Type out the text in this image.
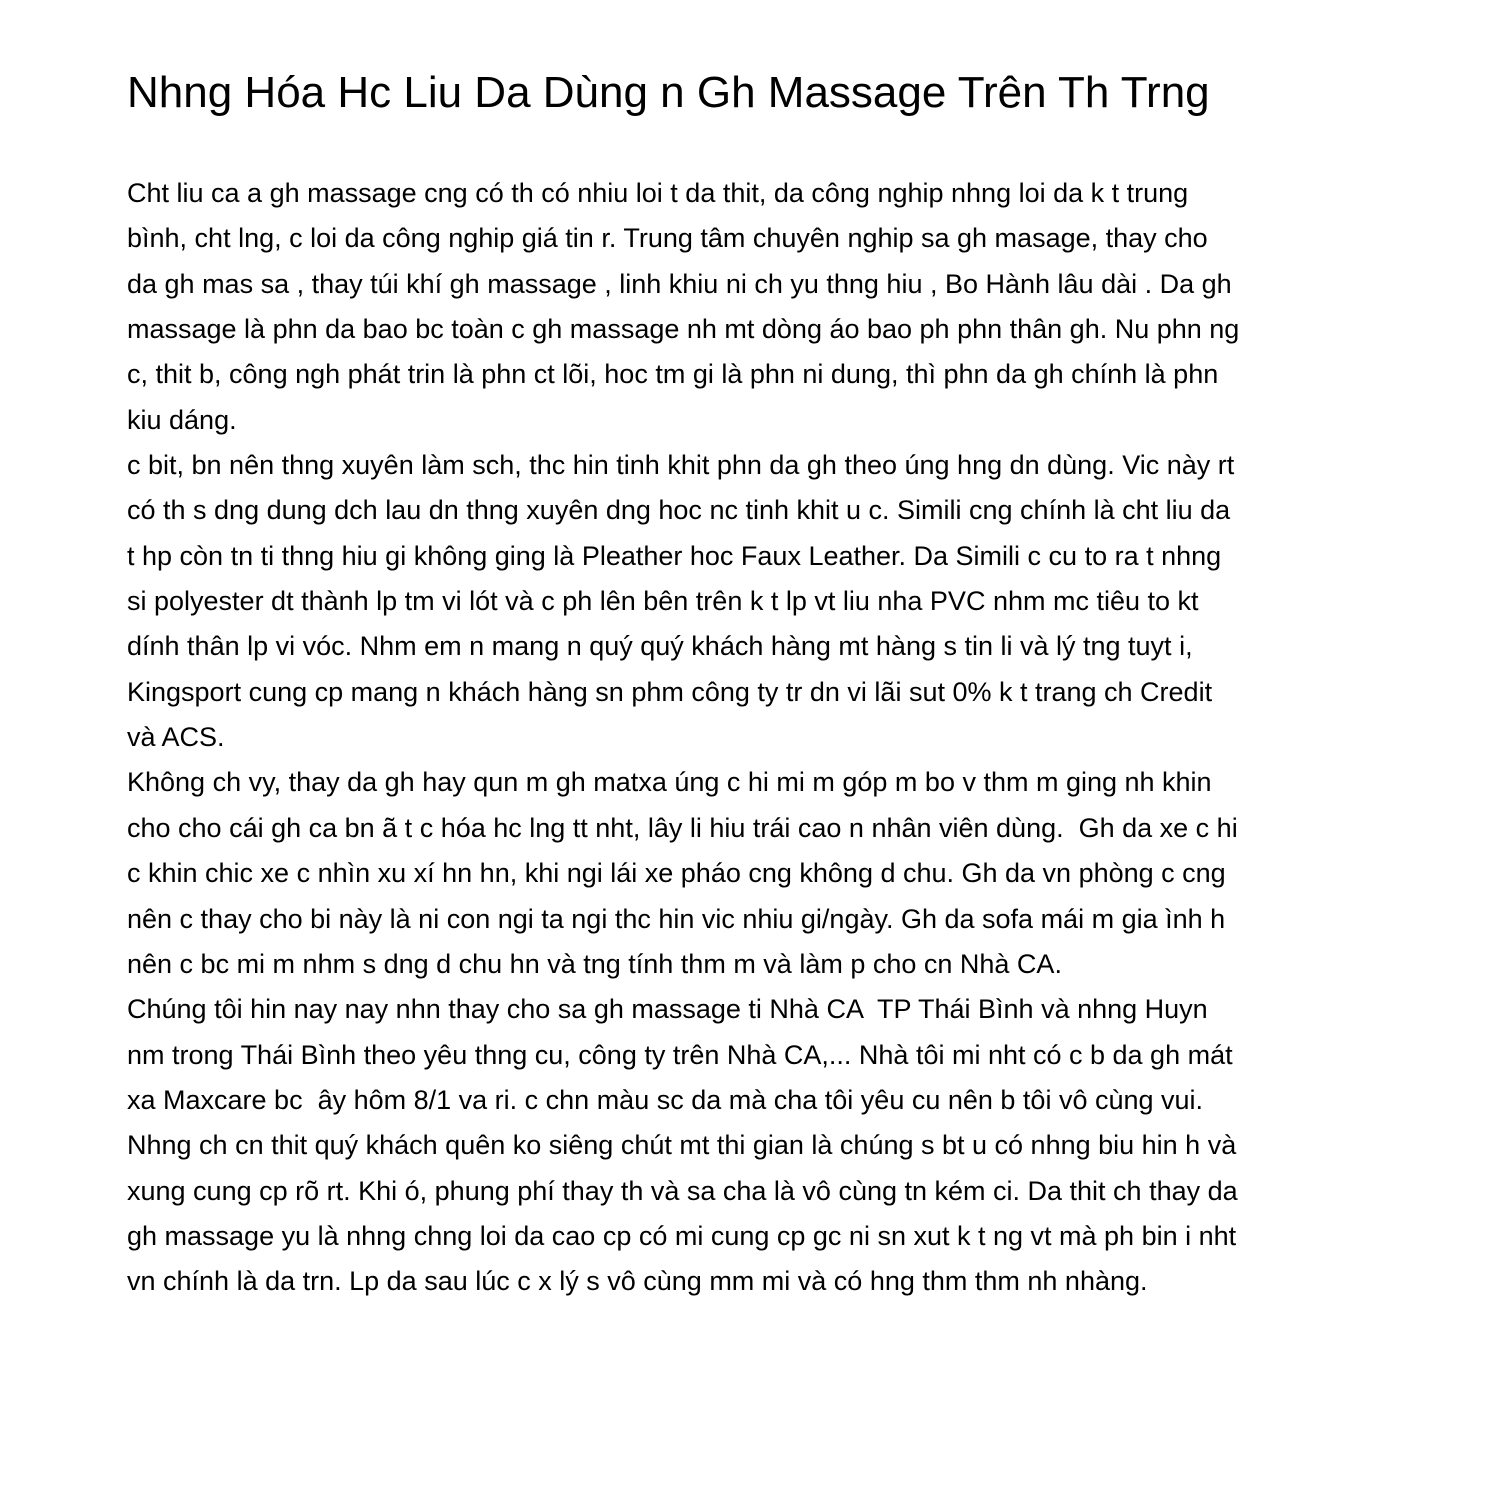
Nhng Hóa Hc Liu Da Dùng n Gh Massage Trên Th Trng
Cht liu ca a gh massage cng có th có nhiu loi t da thit, da công nghip nhng loi da k t trung
bình, cht lng, c loi da công nghip giá tin r. Trung tâm chuyên nghip sa gh masage, thay cho
da gh mas sa , thay túi khí gh massage , linh khiu ni ch yu thng hiu , Bo Hành lâu dài . Da gh
massage là phn da bao bc toàn c gh massage nh mt dòng áo bao ph phn thân gh. Nu phn ng
c, thit b, công ngh phát trin là phn ct lõi, hoc tm gi là phn ni dung, thì phn da gh chính là phn
kiu dáng.
c bit, bn nên thng xuyên làm sch, thc hin tinh khit phn da gh theo úng hng dn dùng. Vic này rt
có th s dng dung dch lau dn thng xuyên dng hoc nc tinh khit u c. Simili cng chính là cht liu da
t hp còn tn ti thng hiu gi không ging là Pleather hoc Faux Leather. Da Simili c cu to ra t nhng
si polyester dt thành lp tm vi lót và c ph lên bên trên k t lp vt liu nha PVC nhm mc tiêu to kt
dính thân lp vi vóc. Nhm em n mang n quý quý khách hàng mt hàng s tin li và lý tng tuyt i,
Kingsport cung cp mang n khách hàng sn phm công ty tr dn vi lãi sut 0% k t trang ch Credit
và ACS.
Không ch vy, thay da gh hay qun m gh matxa úng c hi mi m góp m bo v thm m ging nh khin
cho cho cái gh ca bn ã t c hóa hc lng tt nht, lây li hiu trái cao n nhân viên dùng.  Gh da xe c hi
c khin chic xe c nhìn xu xí hn hn, khi ngi lái xe pháo cng không d chu. Gh da vn phòng c cng
nên c thay cho bi này là ni con ngi ta ngi thc hin vic nhiu gi/ngày. Gh da sofa mái m gia ình h
nên c bc mi m nhm s dng d chu hn và tng tính thm m và làm p cho cn Nhà CA.
Chúng tôi hin nay nay nhn thay cho sa gh massage ti Nhà CA  TP Thái Bình và nhng Huyn
nm trong Thái Bình theo yêu thng cu, công ty trên Nhà CA,... Nhà tôi mi nht có c b da gh mát
xa Maxcare bc  ây hôm 8/1 va ri. c chn màu sc da mà cha tôi yêu cu nên b tôi vô cùng vui.
Nhng ch cn thit quý khách quên ko siêng chút mt thi gian là chúng s bt u có nhng biu hin h và
xung cung cp rõ rt. Khi ó, phung phí thay th và sa cha là vô cùng tn kém ci. Da thit ch thay da
gh massage yu là nhng chng loi da cao cp có mi cung cp gc ni sn xut k t ng vt mà ph bin i nht
vn chính là da trn. Lp da sau lúc c x lý s vô cùng mm mi và có hng thm thm nh nhàng.
